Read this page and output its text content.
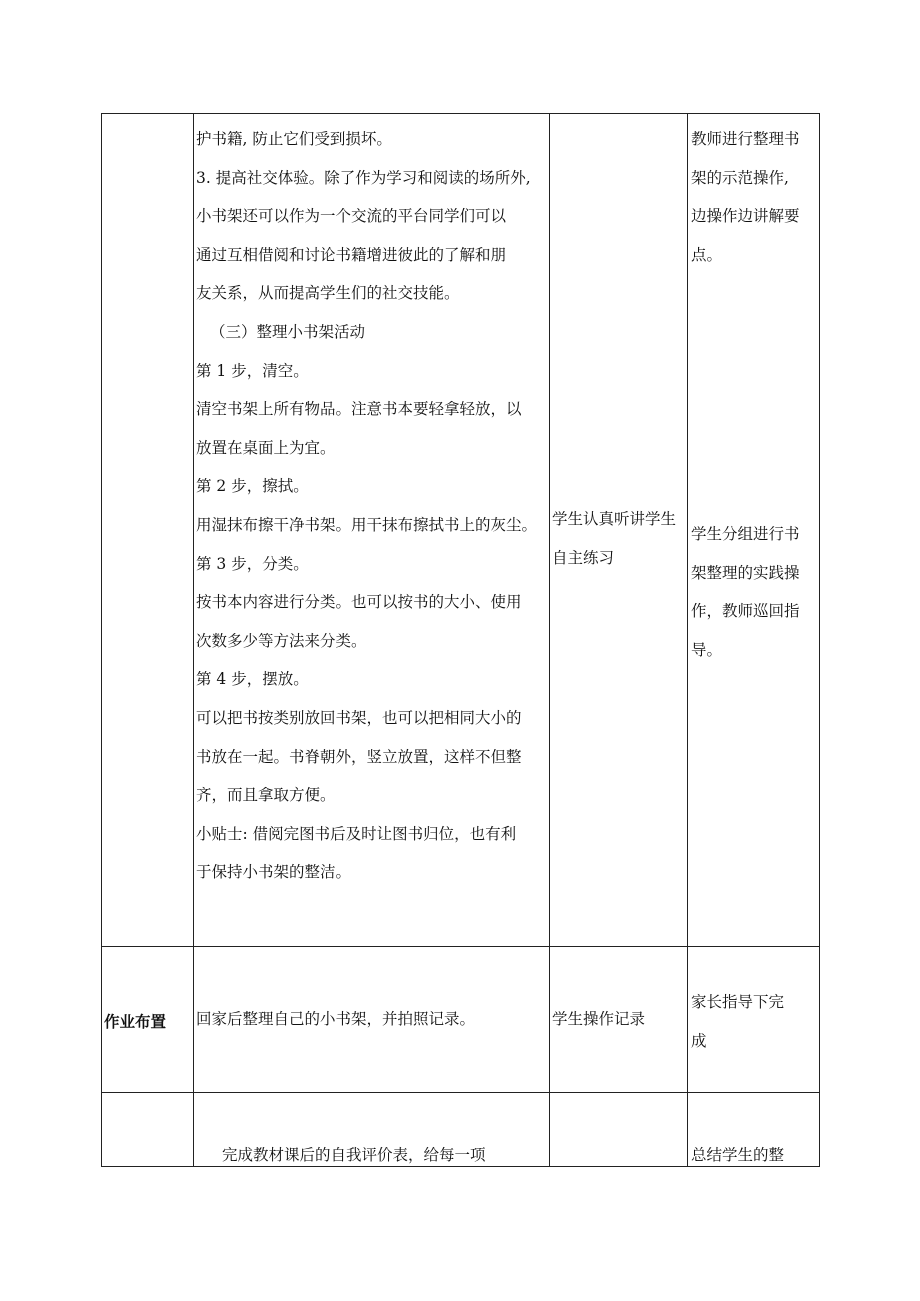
护书籍, 防止它们受到损坏。
3. 提高社交体验。除了作为学习和阅读的场所外,
小书架还可以作为一个交流的平台同学们可以
通过互相借阅和讨论书籍增进彼此的了解和朋
友关系，从而提高学生们的社交技能。
（三）整理小书架活动
第 1 步，清空。
清空书架上所有物品。注意书本要轻拿轻放，以
放置在桌面上为宜。
第 2 步，擦拭。
用湿抹布擦干净书架。用干抹布擦拭书上的灰尘。
第 3 步，分类。
按书本内容进行分类。也可以按书的大小、使用
次数多少等方法来分类。
第 4 步，摆放。
可以把书按类别放回书架，也可以把相同大小的
书放在一起。书脊朝外，竖立放置，这样不但整
齐，而且拿取方便。
小贴士: 借阅完图书后及时让图书归位，也有利
于保持小书架的整洁。
学生认真听讲学生
自主练习
教师进行整理书
架的示范操作,
边操作边讲解要
点。
学生分组进行书
架整理的实践操
作，教师巡回指
导。
作业布置 回家后整理自己的小书架，并拍照记录。	学生操作记录
家长指导下完
成
完成教材课后的自我评价表，给每一项	总结学生的整
